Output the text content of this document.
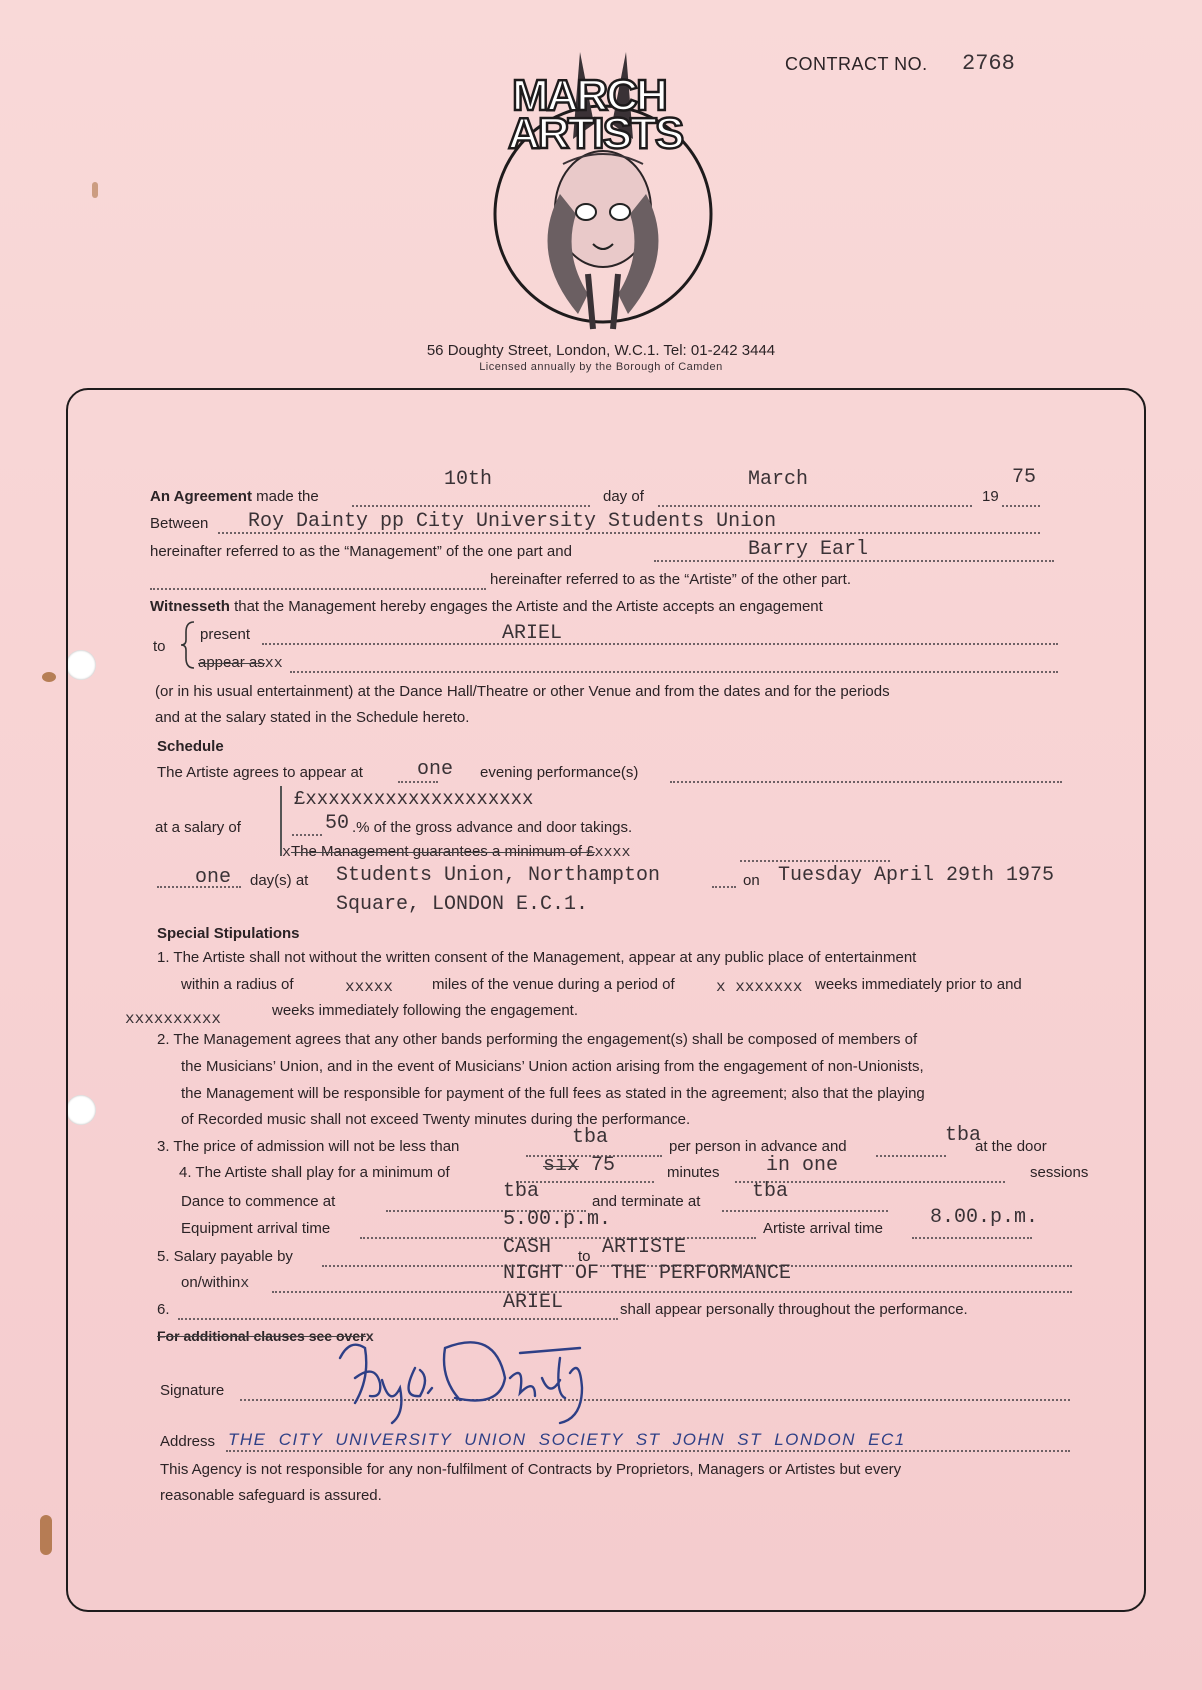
CONTRACT NO. 2768
MARCH
ARTISTS
56 Doughty Street, London, W.C.1. Tel: 01-242 3444
Licensed annually by the Borough of Camden
An Agreement made the
10th
day of
March
19
75
Between Roy Dainty pp City University Students Union
hereinafter referred to as the “Management” of the one part and	Barry Earl
hereinafter referred to as the “Artiste” of the other part.
Witnesseth that the Management hereby engages the Artiste and the Artiste accepts an engagement
to
present	ARIEL
appear asxx
(or in his usual entertainment) at the Dance Hall/Theatre or other Venue and from the dates and for the periods
and at the salary stated in the Schedule hereto.
Schedule
The Artiste agrees to appear at	one evening performance(s)
£xxxxxxxxxxxxxxxxxxxx
at a salary of	50 .% of the gross advance and door takings.
xThe Management guarantees a minimum of £xxxx
one day(s) at Students Union, Northampton	on Tuesday April 29th 1975
Square, LONDON E.C.1.
Special Stipulations
1. The Artiste shall not without the written consent of the Management, appear at any public place of entertainment
within a radius of	xxxxx	miles of the venue during a period of	x xxxxxxx weeks immediately prior to and
xxxxxxxxxx	weeks immediately following the engagement.
2. The Management agrees that any other bands performing the engagement(s) shall be composed of members of
the Musicians’ Union, and in the event of Musicians’ Union action arising from the engagement of non-Unionists,
the Management will be responsible for payment of the full fees as stated in the agreement; also that the playing
of Recorded music shall not exceed Twenty minutes during the performance.
3. The price of admission will not be less than	tba	per person in advance and	tba
at the door
4. The Artiste shall play for a minimum of	six 75	minutes in one	sessions
Dance to commence at	tba	and terminate at	tba
Equipment arrival time	5.00.p.m.	Artiste arrival time 8.00.p.m.
5. Salary payable by	CASH to ARTISTE
on/withinx	NIGHT OF THE PERFORMANCE
6.	ARIEL	shall appear personally throughout the performance.
For additional clauses see overx
Signature
Address THE CITY UNIVERSITY UNION SOCIETY ST JOHN ST LONDON EC1
This Agency is not responsible for any non-fulfilment of Contracts by Proprietors, Managers or Artistes but every
reasonable safeguard is assured.
